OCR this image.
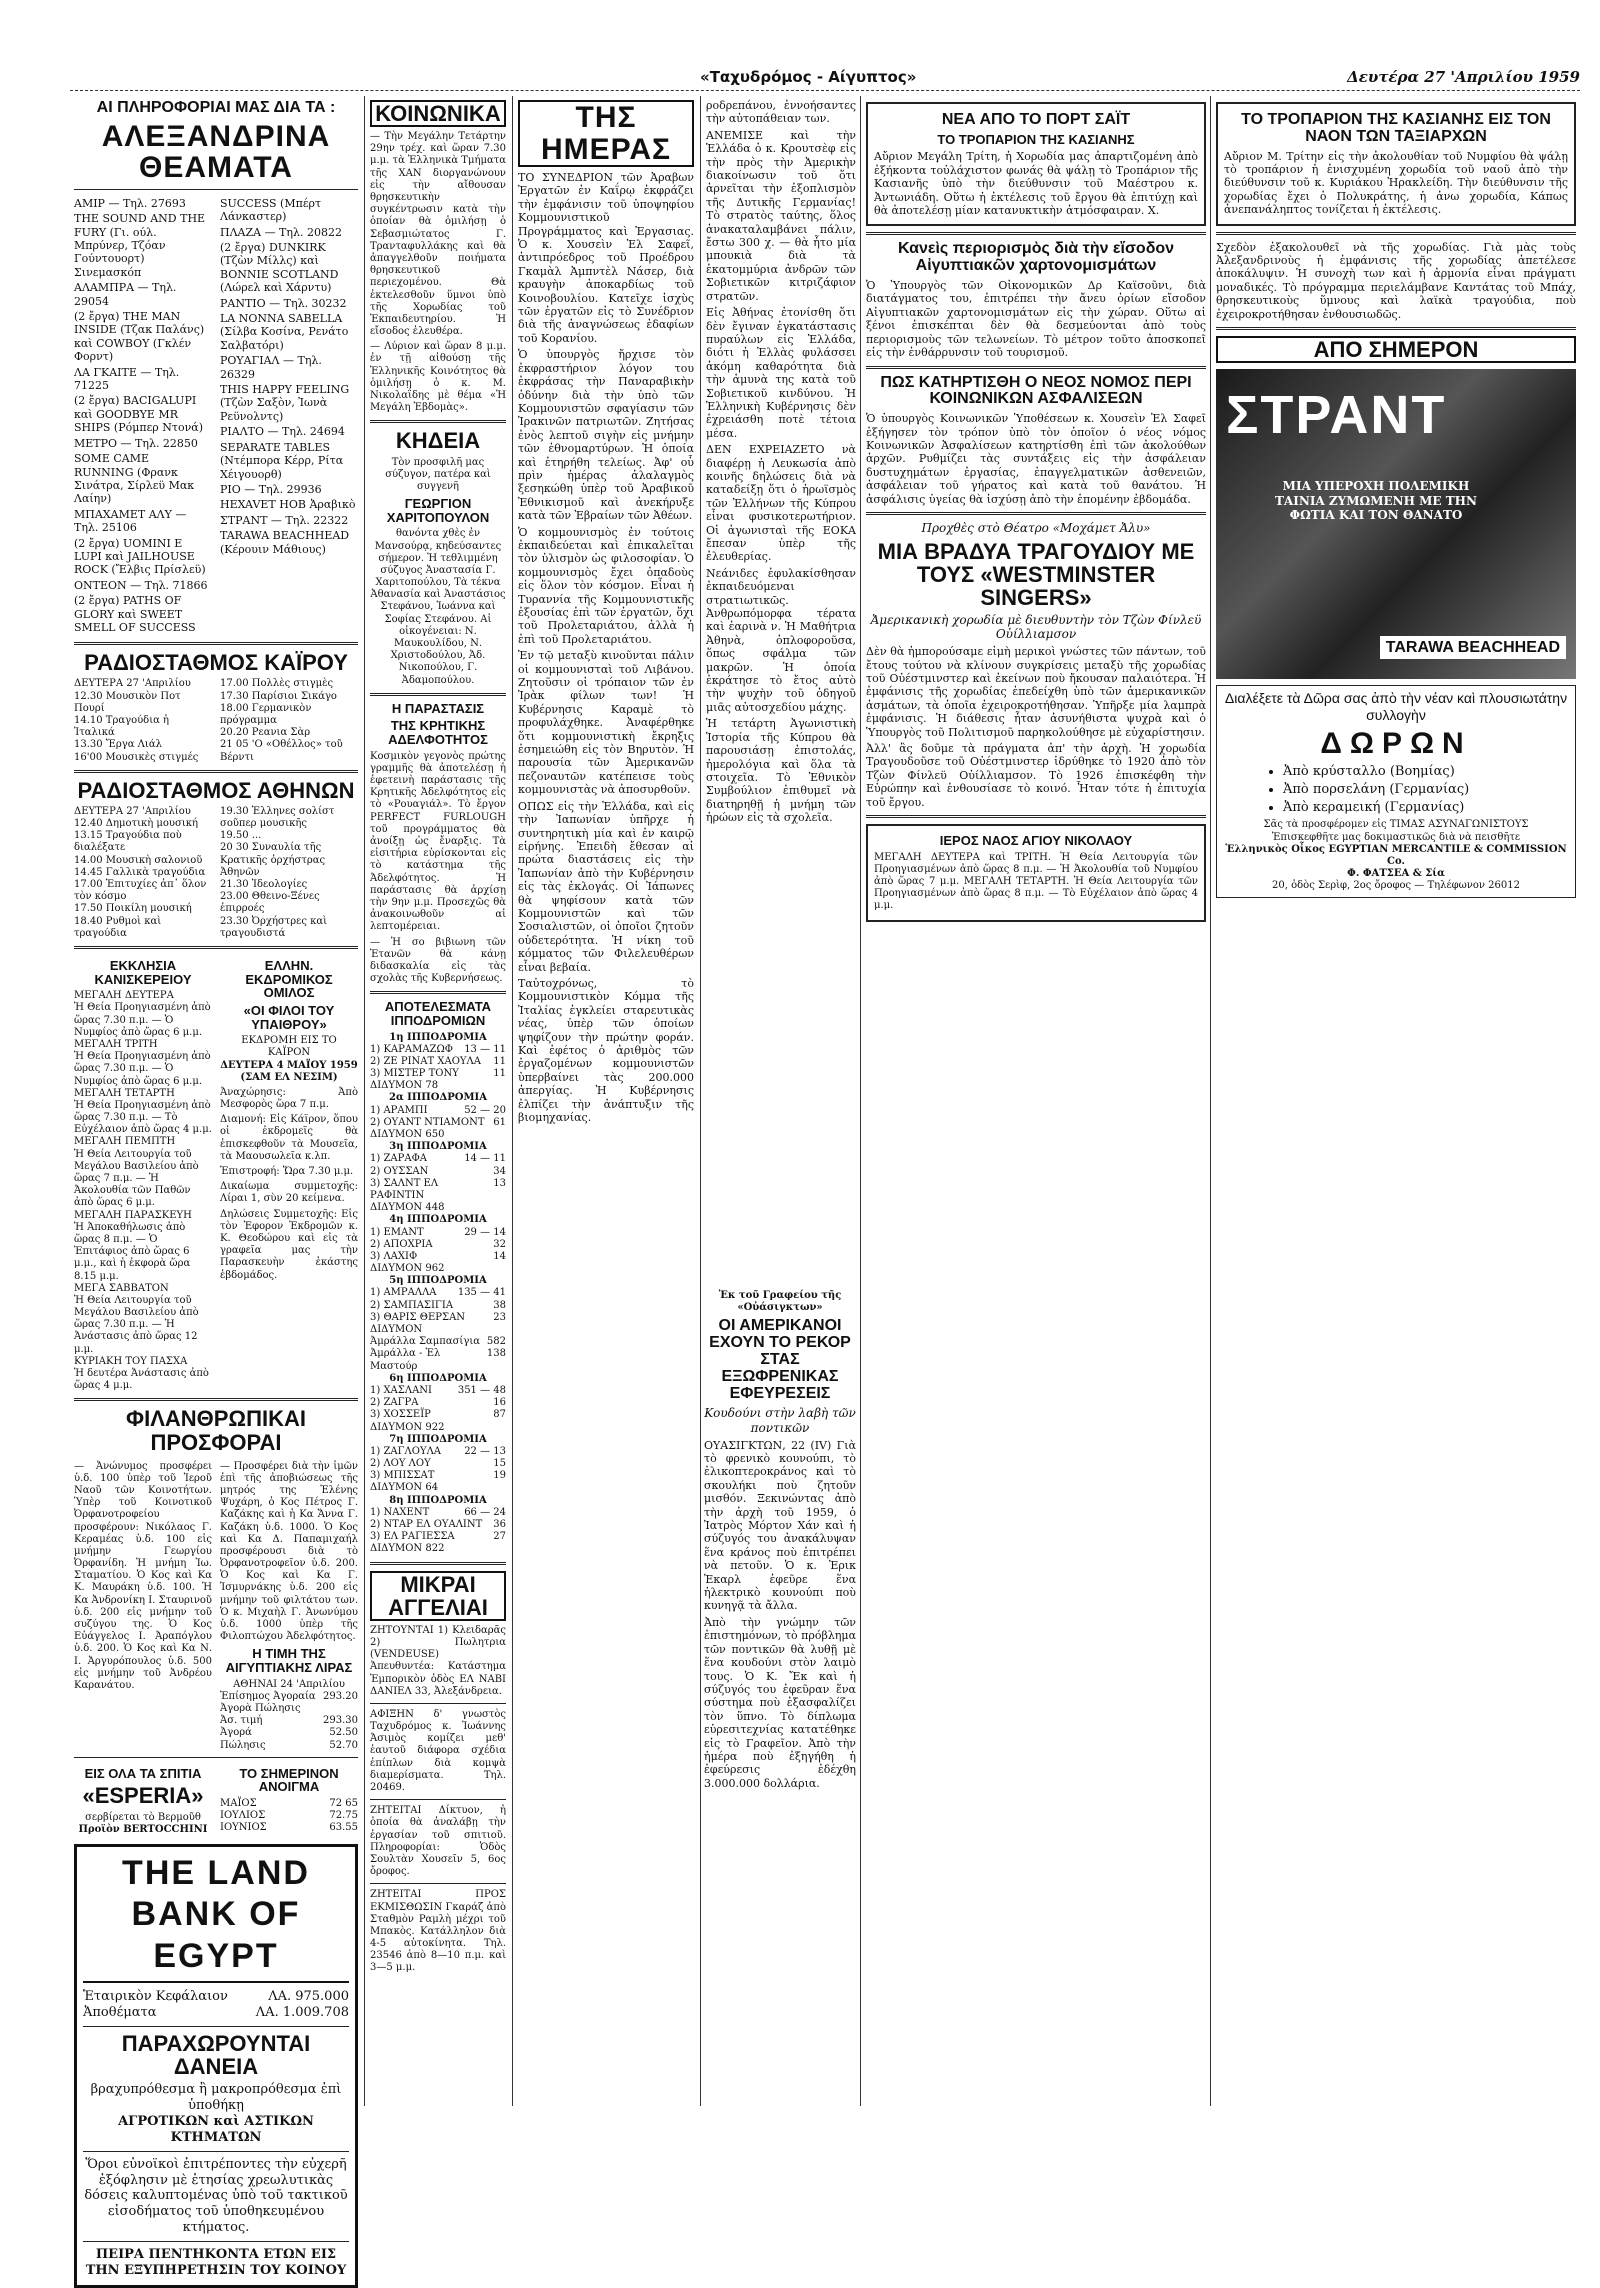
«Ταχυδρόμος - Αίγυπτος»	Δευτέρα 27 'Απριλίου 1959
ΑΙ ΠΛΗΡΟΦΟΡΙΑΙ ΜΑΣ ΔΙΑ ΤΑ :
ΑΛΕΞΑΝΔΡΙΝΑ ΘΕΑΜΑΤΑ
ΑΜΙΡ — Τηλ. 27693
THE SOUND AND THE FURY (Γι. ούλ. Μπρύνερ, Τζόαν Γούντουορτ) Σινεμασκόπ
ΑΛΑΜΠΡΑ — Τηλ. 29054
(2 ἔργα) THE MAN INSIDE (Τζακ Παλάνς) καὶ COWBOY (Γκλέν Φορντ)
ΛΑ ΓΚΑΙΤΕ — Τηλ. 71225
(2 ἔργα) BACIGALUPI καὶ GOODBYE MR SHIPS (Ρόμπερ Ντονά)
ΜΕΤΡΟ — Τηλ. 22850
SOME CAME RUNNING (Φρανκ Σινάτρα, Σίρλεϋ Μακ Λαίην)
ΜΠΑΧΑΜΕΤ ΑΛΥ — Τηλ. 25106
(2 ἔργα) UOMINI E LUPI καὶ JAILHOUSE ROCK (Ἔλβις Πρίσλεϋ)
ΟΝΤΕΟΝ — Τηλ. 71866
(2 ἔργα) PATHS OF GLORY καὶ SWEET SMELL OF SUCCESS
SUCCESS (Μπέρτ Λάνκαστερ)
ΠΛΑΖΑ — Τηλ. 20822
(2 ἔργα) DUNKIRK (Τζὼν Μίλλς) καὶ BONNIE SCOTLAND (Λώρελ καὶ Χάρντυ)
ΡΑΝΤΙΟ — Τηλ. 30232
LA NONNA SABELLA (Σίλβα Κοσίνα, Ρενάτο Σαλβατόρι)
ΡΟΥΑΓΙΑΛ — Τηλ. 26329
THIS HAPPY FEELING (Τζὼν Σαξὸν, Ἰωνὰ Ρεϋνολντς)
ΡΙΑΛΤΟ — Τηλ. 24694
SEPARATE TABLES (Ντέμπορα Κέρρ, Ρίτα Χέιγουορθ)
ΡΙΟ — Τηλ. 29936
HEXAVET HOB Ἀραβικὸ
ΣΤΡΑΝΤ — Τηλ. 22322
TARAWA BEACHHEAD (Κέρουιν Μάθιους)
ΡΑΔΙΟΣΤΑΘΜΟΣ ΚΑΪΡΟΥ
ΔΕΥΤΕΡΑ 27 'Απριλίου
12.30 Μουσικὸν Ποτ Πουρί
14.10 Τραγούδια ἡ Ἰταλικά
13.30 Ἔργα Λιάλ
16'00 Μουσικὲς στιγμές
17.00 Πολλὲς στιγμὲς
17.30 Παρίσιοι Σικάγο
18.00 Γερμανικὸν πρόγραμμα
20.20 Ρεανια Σὰρ
21 05 'Ο «Οθέλλος» τοῦ Βέρντι
ΡΑΔΙΟΣΤΑΘΜΟΣ ΑΘΗΝΩΝ
ΔΕΥΤΕΡΑ 27 'Απριλίου
12.40 Δημοτικὴ μουσική
13.15 Τραγούδια ποὺ διαλέξατε
14.00 Μουσικὴ σαλονιοῦ
14.45 Γαλλικὰ τραγούδια
17.00 Ἐπιτυχίες ἀπ᾿ ὅλον τὸν κόσμο
17.50 Ποικίλη μουσική
18.40 Ρυθμοὶ καὶ τραγούδια
19.30 Ἑλληνες σολίστ σοῦπερ μουσικῆς
19.50 ...
20 30 Συναυλία τῆς Κρατικῆς ὀρχήστρας Ἀθηνῶν
21.30 Ἰδεολογίες
23.00 Θθεινο-Ξένες ἐπιρροές
23.30 Ὀρχήστρες καὶ τραγουδιστά
ΕΚΚΛΗΣΙΑ ΚΑΝΙΣΚΕΡΕΙΟΥ
ΜΕΓΑΛΗ ΔΕΥΤΕΡΑ
Ἡ Θεία Προηγιασμένη ἀπὸ ὥρας 7.30 π.μ. — Ὁ Νυμφίος ἀπὸ ὥρας 6 μ.μ.
ΜΕΓΑΛΗ ΤΡΙΤΗ
Ἡ Θεία Προηγιασμένη ἀπὸ ὥρας 7.30 π.μ. — Ὁ Νυμφίος ἀπὸ ὥρας 6 μ.μ.
ΜΕΓΑΛΗ ΤΕΤΑΡΤΗ
Ἡ Θεία Προηγιασμένη ἀπὸ ὥρας 7.30 π.μ. — Τὸ Εὐχέλαιον ἀπὸ ὥρας 4 μ.μ.
ΜΕΓΑΛΗ ΠΕΜΠΤΗ
Ἡ Θεία Λειτουργία τοῦ Μεγάλου Βασιλείου ἀπὸ ὥρας 7 π.μ. — Ἡ Ἀκολουθία τῶν Παθῶν ἀπὸ ὥρας 6 μ.μ.
ΜΕΓΑΛΗ ΠΑΡΑΣΚΕΥΗ
Ἡ Ἀποκαθήλωσις ἀπὸ ὥρας 8 π.μ. — Ὁ Ἐπιτάφιος ἀπὸ ὥρας 6 μ.μ., καὶ ἡ ἐκφορὰ ὥρα 8.15 μ.μ.
ΜΕΓΑ ΣΑΒΒΑΤΟΝ
Ἡ Θεία Λειτουργία τοῦ Μεγάλου Βασιλείου ἀπὸ ὥρας 7.30 π.μ. — Ἡ Ἀνάστασις ἀπὸ ὥρας 12 μ.μ.
ΚΥΡΙΑΚΗ ΤΟΥ ΠΑΣΧΑ
Ἡ δευτέρα Ἀνάστασις ἀπὸ ὥρας 4 μ.μ.
ΕΛΛΗΝ. ΕΚΔΡΟΜΙΚΟΣ ΟΜΙΛΟΣ
«ΟΙ ΦΙΛΟΙ ΤΟΥ ΥΠΑΙΘΡΟΥ»
ΕΚΔΡΟΜΗ ΕΙΣ ΤΟ ΚΑΪΡΟΝ
ΔΕΥΤΕΡΑ 4 ΜΑΪΟΥ 1959 (ΣΑΜ ΕΛ ΝΕΣΙΜ)
Ἀναχώρησις: Ἀπὸ Μεσφορὸς ὥρα 7 π.μ.
Διαμονή: Εἰς Κάϊρον, ὅπου οἱ ἐκδρομεῖς θὰ ἐπισκεφθοῦν τὰ Μουσεῖα, τὰ Μαουσωλεῖα κ.λπ.
Ἐπιστροφή: Ὥρα 7.30 μ.μ.
Δικαίωμα συμμετοχῆς: Λίραι 1, σὺν 20 κείμενα.
Δηλώσεις Συμμετοχῆς: Εἰς τὸν Ἐφορον Ἐκδρομῶν κ. Κ. Θεοδώρου καὶ εἰς τὰ γραφεῖα μας τὴν Παρασκευὴν ἑκάστης ἑβδομάδος.
ΦΙΛΑΝΘΡΩΠΙΚΑΙ ΠΡΟΣΦΟΡΑΙ
— Ἀνώνυμος προσφέρει ὑ.δ. 100 ὑπὲρ τοῦ Ἱεροῦ Ναοῦ τῶν Κοινοτήτων. Ὑπὲρ τοῦ Κοινοτικοῦ Ὀρφανοτροφείου προσφέρουν: Νικόλαος Γ. Κεραμέας ὑ.δ. 100 εἰς μνήμην Γεωργίου Ὀρφανίδη. Ἡ μνήμη Ἰω. Σταματίου. Ὁ Κος καὶ Κα Κ. Μαυράκη ὑ.δ. 100. Ἡ Κα Ἀνδρονίκη Ι. Σταυρινοῦ ὑ.δ. 200 εἰς μνήμην τοῦ συζύγου της. Ὁ Κος Εὐάγγελος Ι. Ἀραπόγλου ὑ.δ. 200. Ὁ Κος καὶ Κα Ν. Ι. Ἀργυρόπουλος ὑ.δ. 500 εἰς μνήμην τοῦ Ἀνδρέου Καρανάτου.
— Προσφέρει διὰ τὴν ἱμῶν ἐπὶ τῆς ἀποβιώσεως τῆς μητρός της Ἑλένης Ψυχάρη, ὁ Κος Πέτρος Γ. Καζάκης καὶ ἡ Κα Ἄννα Γ. Καζάκη ὑ.δ. 1000. Ὁ Κος καὶ Κα Δ. Παπαμιχαήλ προσφέρουσι διὰ τὸ Ὀρφανοτροφεῖον ὑ.δ. 200. Ὁ Κος καὶ Κα Γ. Ἰσμυρνάκης ὑ.δ. 200 εἰς μνήμην τοῦ φιλτάτου των. Ὁ κ. Μιχαὴλ Γ. Ἀνωνύμου ὑ.δ. 1000 ὑπὲρ τῆς Φιλοπτώχου Ἀδελφότητος.
Η ΤΙΜΗ ΤΗΣ ΑΙΓΥΠΤΙΑΚΗΣ ΛΙΡΑΣ
ΑΘΗΝΑΙ 24 'Απριλίου
Ἐπίσημος Ἀγοραία 293.20
Ἀγορὰ Πώλησις
Ἀσ. τιμή	293.30
Ἀγορά	52.50
Πώλησις	52.70
ΕΙΣ ΟΛΑ ΤΑ ΣΠΙΤΙΑ
«ESPERIA»
σερβίρεται τὸ Βερμοῦθ
Προϊὸν BERTOCCHINI
ΤΟ ΣΗΜΕΡΙΝΟΝ ΑΝΟΙΓΜΑ
ΜΑΪΟΣ	72 65
ΙΟΥΛΙΟΣ	72.75
ΙΟΥΝΙΟΣ	63.55
THE LAND BANK OF EGYPT
Ἑταιρικὸν Κεφάλαιον	ΛΑ. 975.000
Ἀποθέματα	ΛΑ. 1.009.708
ΠΑΡΑΧΩΡΟΥΝΤΑΙ ΔΑΝΕΙΑ
βραχυπρόθεσμα ἢ μακροπρόθεσμα ἐπὶ ὑποθήκῃ
ΑΓΡΟΤΙΚΩΝ καὶ ΑΣΤΙΚΩΝ ΚΤΗΜΑΤΩΝ
Ὅροι εὐνοϊκοὶ ἐπιτρέποντες τὴν εὐχερῆ ἐξόφλησιν μὲ ἐτησίας χρεωλυτικὰς δόσεις καλυπτομένας ὑπὸ τοῦ τακτικοῦ εἰσοδήματος τοῦ ὑποθηκευμένου κτήματος.
ΠΕΙΡΑ ΠΕΝΤΗΚΟΝΤΑ ΕΤΩΝ ΕΙΣ ΤΗΝ ΕΞΥΠΗΡΕΤΗΣΙΝ ΤΟΥ ΚΟΙΝΟΥ
ΚΟΙΝΩΝΙΚΑ
— Τὴν Μεγάλην Τετάρτην 29ην τρέχ. καὶ ὥραν 7.30 μ.μ. τὰ Ἑλληνικὰ Τμήματα τῆς ΧΑΝ διοργανώνουν εἰς τὴν αἴθουσαν θρησκευτικὴν συγκέντρωσιν κατὰ τὴν ὁποίαν θὰ ὁμιλήσῃ ὁ Σεβασμιώτατος Γ. Τρανταφυλλάκης καὶ θὰ ἀπαγγελθοῦν ποιήματα θρησκευτικοῦ περιεχομένου. Θὰ ἐκτελεσθοῦν ὕμνοι ὑπὸ τῆς Χορωδίας τοῦ Ἐκπαιδευτηρίου. Ἡ εἴσοδος ἐλευθέρα.
— Λύριον καὶ ὥραν 8 μ.μ. ἐν τῇ αἰθούσῃ τῆς Ἑλληνικῆς Κοινότητος θὰ ὁμιλήσῃ ὁ κ. Μ. Νικολαΐδης μὲ θέμα «Ἡ Μεγάλη Ἑβδομὰς».
ΚΗΔΕΙΑ
Τὸν προσφιλῆ μας σύζυγον, πατέρα καὶ συγγενῆ
ΓΕΩΡΓΙΟΝ ΧΑΡΙΤΟΠΟΥΛΟΝ
θανόντα χθὲς ἐν Μανσούρᾳ, κηδεύσαντες σήμερον. Ἡ τεθλιμμένη σύζυγος Ἀναστασία Γ. Χαριτοπούλου, Τὰ τέκνα Ἀθανασία καὶ Ἀναστάσιος Στεφάνου, Ἰωάννα καὶ Σοφίας Στεφάνου. Αἱ οἰκογένειαι: Ν. Μαυκουλίδου, Ν. Χριστοδούλου, Ἀδ. Νικοπούλου, Γ. Ἀδαμοπούλου.
Η ΠΑΡΑΣΤΑΣΙΣ
ΤΗΣ ΚΡΗΤΙΚΗΣ ΑΔΕΛΦΟΤΗΤΟΣ
Κοσμικὸν γεγονὸς πρώτης γραμμῆς θὰ ἀποτελέσῃ ἡ ἐφετεινὴ παράστασις τῆς Κρητικῆς Ἀδελφότητος εἰς τὸ «Ρουαγιάλ». Τὸ ἔργον PERFECT FURLOUGH τοῦ προγράμματος θὰ ἀνοίξῃ ὡς ἔναρξις. Τὰ εἰσιτήρια εὑρίσκονται εἰς τὸ κατάστημα τῆς Ἀδελφότητος. Ἡ παράστασις θὰ ἀρχίσῃ τὴν 9ην μ.μ. Προσεχῶς θὰ ἀνακοινωθοῦν αἱ λεπτομέρειαι.
— Ἡ σο βιβιωνη τῶν Ἑτανῶν θὰ κάνῃ διδασκαλία εἰς τὰς σχολὰς τῆς Κυβερνήσεως.
ΑΠΟΤΕΛΕΣΜΑΤΑ ΙΠΠΟΔΡΟΜΙΩΝ
1η ΙΠΠΟΔΡΟΜΙΑ
1) ΚΑΡΑΜΑΖΩΦ 13 — 11
2) ΖΕ ΡΙΝΑΤ ΧΑΟΥΛΑ 11
3) ΜΙΣΤΕΡ ΤΟΝΥ	11
ΔΙΔΥΜΟΝ 78
2α ΙΠΠΟΔΡΟΜΙΑ
1) ΑΡΑΜΠΙ	52 — 20
2) ΟΥΑΝΤ ΝΤΙΑΜΟΝΤ 61
ΔΙΔΥΜΟΝ 650
3η ΙΠΠΟΔΡΟΜΙΑ
1) ΖΑΡΑΦΑ	14 — 11
2) ΟΥΣΣΑΝ	34
3) ΣΑΛΝΤ ΕΛ ΡΑΦΙΝΤΙΝ
13
ΔΙΔΥΜΟΝ 448
4η ΙΠΠΟΔΡΟΜΙΑ
1) ΕΜΑΝΤ	29 — 14
2) ΑΠΟΧΡΙΑ	32
3) ΛΑΧΙΦ	14
ΔΙΔΥΜΟΝ 962
5η ΙΠΠΟΔΡΟΜΙΑ
1) ΑΜΡΑΛΛΑ 135 — 41
2) ΣΑΜΠΑΣΙΓΙΑ	38
3) ΘΑΡΙΣ ΘΕΡΣΑΝ	23
ΔΙΔΥΜΟΝ
Ἀμράλλα Σαμπασίγια 582
Ἀμράλλα - Ἐλ Μαστούρ
138
6η ΙΠΠΟΔΡΟΜΙΑ
1) ΧΑΣΛΑΝΙ	351 — 48
2) ΖΑΓΡΑ	16
3) ΧΟΣΣΕΪΡ	87
ΔΙΔΥΜΟΝ 922
7η ΙΠΠΟΔΡΟΜΙΑ
1) ΖΑΓΛΟΥΛΑ 22 — 13
2) ΛΟΥ ΛΟΥ	15
3) ΜΠΙΣΣΑΤ	19
ΔΙΔΥΜΟΝ 64
8η ΙΠΠΟΔΡΟΜΙΑ
1) ΝΑΧΕΝΤ	66 — 24
2) ΝΤΑΡ ΕΛ ΟΥΑΛΙΝΤ 36
3) ΕΛ ΡΑΓΙΕΣΣΑ	27
ΔΙΔΥΜΟΝ 822
ΜΙΚΡΑΙ ΑΓΓΕΛΙΑΙ
ΖΗΤΟΥΝΤΑΙ 1) Κλειδαρᾶς 2) Πωλητρια (VENDEUSE) Ἀπευθυντέα: Κατάστημα Ἐμπορικὸν ὁδὸς ΕΛ ΝΑΒΙ ΔΑΝΙΕΛ 33, Ἀλεξάνδρεια.
ΑΦΙΞΗΝ δ' γνωστὸς Ταχυδρόμος κ. Ἰωάννης Ἀσιμὸς κομίζει μεθ' ἑαυτοῦ διάφορα σχέδια ἐπίπλων διὰ κομψὰ διαμερίσματα. Τηλ. 20469.
ΖΗΤΕΙΤΑΙ Δίκτυον, ἡ ὁποία θὰ ἀναλάβῃ τὴν ἐργασίαν τοῦ σπιτιοῦ. Πληροφορίαι: Ὁδὸς Σουλτὰν Χουσεῖν 5, 6ος ὄροφος.
ΖΗΤΕΙΤΑΙ ΠΡΟΣ ΕΚΜΙΣΘΩΣΙΝ Γκαράζ ἀπὸ Σταθμὸν Ραμλὴ μέχρι τοῦ Μπακὸς. Κατάλληλον διὰ 4-5 αὐτοκίνητα. Τηλ. 23546 ἀπὸ 8—10 π.μ. καὶ 3—5 μ.μ.
ΤΗΣ ΗΜΕΡΑΣ
ΤΟ ΣΥΝΕΔΡΙΟΝ τῶν Ἀραβων Ἐργατῶν ἐν Καΐρῳ ἐκφράζει τὴν ἐμφάνισιν τοῦ ὑποψηφίου Κομμουνιστικοῦ Προγράμματος καὶ Ἐργασιας. Ὁ κ. Χουσεὶν Ἐλ Σαφεῖ, ἀντιπρόεδρος τοῦ Προέδρου Γκαμὰλ Ἀμπντὲλ Νάσερ, διὰ κραυγὴν ἀποκαρδίως τοῦ Κοινοβουλίου. Κατεῖχε ἰσχὺς τῶν ἐργατῶν εἰς τὸ Συνέδριον διὰ τῆς ἀναγνώσεως ἐδαφίων τοῦ Κορανίου.
Ὁ ὑπουργὸς ἤρχισε τὸν ἐκφραστήριον λόγον του ἐκφράσας τὴν Παναραβικὴν ὁδύνην διὰ τὴν ὑπὸ τῶν Κομμουνιστῶν σφαγίασιν τῶν Ἰρακινῶν πατριωτῶν. Ζητήσας ἐνὸς λεπτοῦ σιγὴν εἰς μνήμην τῶν ἐθνομαρτύρων. Ἡ ὁποία καὶ ἐτηρήθη τελείως. Ἀφ' οὗ πρὶν ἡμέρας ἀλαλαγμὸς ξεσηκώθη ὑπὲρ τοῦ Ἀραβικοῦ Ἐθνικισμοῦ καὶ ἀνεκήρυξε κατὰ τῶν Ἐβραίων τῶν Ἀθέων.
Ὁ κομμουνισμὸς ἐν τούτοις ἐκπαιδεύεται καὶ ἐπικαλεῖται τὸν ὑλισμὸν ὡς φιλοσοφίαν. Ὁ κομμουνισμὸς ἔχει ὀπαδοὺς εἰς ὅλον τὸν κόσμον. Εἶναι ἡ Τυραννία τῆς Κομμουνιστικῆς ἐξουσίας ἐπὶ τῶν ἐργατῶν, ὅχι τοῦ Προλεταριάτου, ἀλλὰ ἡ ἐπὶ τοῦ Προλεταριάτου.
Ἐν τῷ μεταξὺ κινοῦνται πάλιν οἱ κομμουνισταὶ τοῦ Λιβάνου. Ζητοῦσιν οἱ τρόπαιον τῶν ἐν Ἰρὰκ φίλων των! Ἡ Κυβέρνησις Καραμὲ τὸ προφυλάχθηκε. Ἀναφέρθηκε ὅτι κομμουνιστικὴ ἔκρηξις ἐσημειώθη εἰς τὸν Βηρυτὸν. Ἡ παρουσία τῶν Ἀμερικανῶν πεζοναυτῶν κατέπεισε τοὺς κομμουνιστὰς νὰ ἀποσυρθοῦν.
ΟΠΩΣ εἰς τὴν Ἑλλάδα, καὶ εἰς τὴν Ἰαπωνίαν ὑπῆρχε ἡ συντηρητικὴ μία καὶ ἐν καιρῷ εἰρήνης. Ἐπειδὴ ἔθεσαν αἱ πρώτα διαστάσεις εἰς τὴν Ἰαπωνίαν ἀπὸ τὴν Κυβέρνησιν εἰς τὰς ἐκλογάς. Οἱ Ἰάπωνες θὰ ψηφίσουν κατὰ τῶν Κομμουνιστῶν καὶ τῶν Σοσιαλιστῶν, οἱ ὁποῖοι ζητοῦν οὐδετερότητα. Ἡ νίκη τοῦ κόμματος τῶν Φιλελευθέρων εἶναι βεβαία.
Ταὐτοχρόνως, τὸ Κομμουνιστικὸν Κόμμα τῆς Ἰταλίας ἐγκλείει σταρευτικὰς νέας, ὑπὲρ τῶν ὁποίων ψηφίζουν τὴν πρώτην φοράν. Καὶ ἐφέτος ὁ ἀριθμὸς τῶν ἐργαζομένων κομμουνιστῶν ὑπερβαίνει τὰς 200.000 ἀπεργίας. Ἡ Κυβέρνησις ἐλπίζει τὴν ἀνάπτυξιν τῆς βιομηχανίας.
ροδρεπάνου, ἐννοήσαντες τὴν αὐτοπάθειαν των.
ΑΝΕΜΙΣΕ καὶ τὴν Ἑλλάδα ὁ κ. Κρουτσὲφ εἰς τὴν πρὸς τὴν Ἀμερικὴν διακοίνωσιν τοῦ ὅτι ἀρνεῖται τὴν ἐξοπλισμὸν τῆς Δυτικῆς Γερμανίας! Τὸ στρατὸς ταύτης, ὅλος ἀνακαταλαμβάνει πάλιν, ἔστω 300 χ. — θὰ ἦτο μία μπουκιὰ διὰ τὰ ἑκατομμύρια ἀνδρῶν τῶν Σοβιετικῶν κιτριζάφιον στρατῶν.
Εἰς Ἀθήνας ἐτονίσθη ὅτι δὲν ἔγιναν ἐγκατάστασις πυραύλων εἰς Ἑλλάδα, διότι ἡ Ἑλλὰς φυλάσσει ἀκόμη καθαρότητα διὰ τὴν ἀμυνὰ της κατὰ τοῦ Σοβιετικοῦ κινδύνου. Ἡ Ἑλληνικὴ Κυβέρνησις δὲν ἐχρειάσθη ποτὲ τέτοια μέσα.
ΔΕΝ ΕΧΡΕΙΑΖΕΤΟ νὰ διαφέρῃ ἡ Λευκωσία ἀπὸ κοινῆς δηλώσεις διὰ νὰ καταδείξῃ ὅτι ὁ ἡρωϊσμὸς τῶν Ἑλλήνων τῆς Κύπρου εἶναι φυσικοτερωτήριον. Οἱ ἀγωνισταὶ τῆς ΕΟΚΑ ἔπεσαν ὑπὲρ τῆς ἐλευθερίας.
Νεάνιδες ἐφυλακίσθησαν ἐκπαιδευόμεναι στρατιωτικῶς. Ἀνθρωπόμορφα τέρατα καὶ ἐαρινὰ ν. Ἡ Μαθήτρια Ἀθηνὰ, ὁπλοφοροῦσα, ὅπως σφάλμα τῶν μακρῶν. Ἡ ὁποία ἐκράτησε τὸ ἔτος αὐτὸ τὴν ψυχὴν τοῦ ὁδηγοῦ μιᾶς αὐτοσχεδίου μάχης.
Ἡ τετάρτη Ἀγωνιστικὴ Ἱστορία τῆς Κύπρου θὰ παρουσιάσῃ ἐπιστολάς, ἡμερολόγια καὶ ὅλα τὰ στοιχεῖα. Τὸ Ἐθνικὸν Συμβούλιον ἐπιθυμεῖ νὰ διατηρηθῇ ἡ μνήμη τῶν ἡρώων εἰς τὰ σχολεῖα.
Ἐκ τοῦ Γραφείου τῆς «Οὐάσιγκτων»
ΟΙ ΑΜΕΡΙΚΑΝΟΙ ΕΧΟΥΝ ΤΟ ΡΕΚΟΡ ΣΤΑΣ ΕΞΩΦΡΕΝΙΚΑΣ ΕΦΕΥΡΕΣΕΙΣ
Κουδούνι στὴν λαβὴ τῶν ποντικῶν
ΟΥΑΣΙΓΚΤΩΝ, 22 (ΙV) Γιὰ τὸ φρενικὸ κουνούπι, τὸ ἐλικοπτεροκράνος καὶ τὸ σκουλήκι ποὺ ζητοῦν μισθόν. Ξεκινώντας ἀπὸ τὴν ἀρχὴ τοῦ 1959, ὁ Ἰατρὸς Μόρτον Χάν καὶ ἡ σύζυγός του ἀνακάλυψαν ἕνα κράνος ποὺ ἐπιτρέπει νὰ πετοῦν. Ὁ κ. Ἐρικ Ἐκαρλ ἐφεῦρε ἕνα ἠλεκτρικὸ κουνούπι ποὺ κυνηγᾷ τὰ ἄλλα.
Ἀπὸ τὴν γνώμην τῶν ἐπιστημόνων, τὸ πρόβλημα τῶν ποντικῶν θὰ λυθῇ μὲ ἕνα κουδούνι στὸν λαιμὸ τους. Ὁ Κ. Ἔκ καὶ ἡ σύζυγός του ἐφεῦραν ἕνα σύστημα ποὺ ἐξασφαλίζει τὸν ὕπνο. Τὸ δίπλωμα εὑρεσιτεχνίας κατατέθηκε εἰς τὸ Γραφεῖον. Ἀπὸ τὴν ἡμέρα ποὺ ἐξηγήθη ἡ ἐφεύρεσις ἐδέχθη 3.000.000 δολλάρια.
ΝΕΑ ΑΠΟ ΤΟ ΠΟΡΤ ΣΑΪΤ
ΤΟ ΤΡΟΠΑΡΙΟΝ ΤΗΣ ΚΑΣΙΑΝΗΣ
Αὔριον Μεγάλη Τρίτη, ἡ Χορωδία μας ἀπαρτιζομένη ἀπὸ ἐξήκοντα τοὐλάχιστον φωνάς θὰ ψάλῃ τὸ Τροπάριον τῆς Κασιανῆς ὑπὸ τὴν διεύθυνσιν τοῦ Μαέστρου κ. Ἀντωνιάδη. Οὕτω ἡ ἐκτέλεσις τοῦ ἔργου θὰ ἐπιτύχῃ καὶ θὰ ἀποτελέσῃ μίαν κατανυκτικὴν ἀτμόσφαιραν. Χ.
Κανεὶς περιορισμὸς διὰ τὴν εἴσοδον Αἰγυπτιακῶν χαρτονομισμάτων
Ὁ Ὑπουργὸς τῶν Οἰκονομικῶν Δρ Καϊσοῦνι, διὰ διατάγματος του, ἐπιτρέπει τὴν ἄνευ ὁρίων εἴσοδον Αἰγυπτιακῶν χαρτονομισμάτων εἰς τὴν χώραν. Οὕτω αἱ ξένοι ἐπισκέπται δὲν θὰ δεσμεύονται ἀπὸ τοὺς περιορισμοὺς τῶν τελωνείων. Τὸ μέτρον τοῦτο ἀποσκοπεῖ εἰς τὴν ἐνθάρρυνσιν τοῦ τουρισμοῦ.
ΠΩΣ ΚΑΤΗΡΤΙΣΘΗ Ο ΝΕΟΣ ΝΟΜΟΣ ΠΕΡΙ ΚΟΙΝΩΝΙΚΩΝ ΑΣΦΑΛΙΣΕΩΝ
Ὁ ὑπουργὸς Κοινωνικῶν Ὑποθέσεων κ. Χουσεὶν Ἐλ Σαφεῖ ἐξήγησεν τὸν τρόπον ὑπὸ τὸν ὁποῖον ὁ νέος νόμος Κοινωνικῶν Ἀσφαλίσεων κατηρτίσθη ἐπὶ τῶν ἀκολούθων ἀρχῶν. Ρυθμίζει τὰς συντάξεις εἰς τὴν ἀσφάλειαν δυστυχημάτων ἐργασίας, ἐπαγγελματικῶν ἀσθενειῶν, ἀσφάλειαν τοῦ γήρατος καὶ κατὰ τοῦ θανάτου. Ἡ ἀσφάλισις ὑγείας θὰ ἰσχύσῃ ἀπὸ τὴν ἑπομένην ἐβδομάδα.
Προχθὲς στὸ Θέατρο «Μοχάμετ Ἀλυ»
ΜΙΑ ΒΡΑΔΥΑ ΤΡΑΓΟΥΔΙΟΥ ΜΕ ΤΟΥΣ «WESTMINSTER SINGERS»
Ἀμερικανικὴ χορωδία μὲ διευθυντὴν τὸν Τζὼν Φίνλεϋ Οὐίλλιαμσον
Δὲν θὰ ἠμπορούσαμε εἰμὴ μερικοὶ γνώστες τῶν πάντων, τοῦ ἔτους τούτου νὰ κλίνουν συγκρίσεις μεταξὺ τῆς χορωδίας τοῦ Οὐέστμινστερ καὶ ἐκείνων ποὺ ἤκουσαν παλαιότερα. Ἡ ἐμφάνισις τῆς χορωδίας ἐπεδείχθη ὑπὸ τῶν ἀμερικανικῶν ἀσμάτων, τὰ ὁποῖα ἐχειροκροτήθησαν. Ὑπῆρξε μία λαμπρὰ ἐμφάνισις. Ἡ διάθεσις ἦταν ἀσυνήθιστα ψυχρὰ καὶ ὁ Ὑπουργὸς τοῦ Πολιτισμοῦ παρηκολούθησε μὲ εὐχαρίστησιν.
Ἀλλ' ἂς δοῦμε τὰ πράγματα ἀπ' τὴν ἀρχὴ. Ἡ χορωδία Τραγουδοῦσε τοῦ Οὐέστμινστερ ἱδρύθηκε τὸ 1920 ἀπὸ τὸν Τζὼν Φίνλεϋ Οὐίλλιαμσον. Τὸ 1926 ἐπισκέφθη τὴν Εὐρώπην καὶ ἐνθουσίασε τὸ κοινό. Ἦταν τότε ἡ ἐπιτυχία τοῦ ἔργου.
ΙΕΡΟΣ ΝΑΟΣ ΑΓΙΟΥ ΝΙΚΟΛΑΟΥ
ΜΕΓΑΛΗ ΔΕΥΤΕΡΑ καὶ ΤΡΙΤΗ. Ἡ Θεία Λειτουργία τῶν Προηγιασμένων ἀπὸ ὥρας 8 π.μ. — Ἡ Ἀκολουθία τοῦ Νυμφίου ἀπὸ ὥρας 7 μ.μ. ΜΕΓΑΛΗ ΤΕΤΑΡΤΗ. Ἡ Θεία Λειτουργία τῶν Προηγιασμένων ἀπὸ ὥρας 8 π.μ. — Τὸ Εὐχέλαιον ἀπὸ ὥρας 4 μ.μ.
ΤΟ ΤΡΟΠΑΡΙΟΝ ΤΗΣ ΚΑΣΙΑΝΗΣ ΕΙΣ ΤΟΝ ΝΑΟΝ ΤΩΝ ΤΑΞΙΑΡΧΩΝ
Αὔριον Μ. Τρίτην εἰς τὴν ἀκολουθίαν τοῦ Νυμφίου θὰ ψάλῃ τὸ τροπάριον ἡ ἐνισχυμένη χορωδία τοῦ ναοῦ ἀπὸ τὴν διεύθυνσιν τοῦ κ. Κυριάκου Ἠρακλείδη. Τὴν διεύθυνσιν τῆς χορωδίας ἔχει ὁ Πολυκράτης, ἡ ἀνω χορωδία, Κάπως ἀνεπανάληπτος τονίζεται ἡ ἐκτέλεσις.
Σχεδὸν ἐξακολουθεῖ νὰ τῆς χορωδίας. Γιὰ μὰς τοὺς Ἀλεξανδρινοὺς ἡ ἐμφάνισις τῆς χορωδίας ἀπετέλεσε ἀποκάλυψιν. Ἡ συνοχὴ των καὶ ἡ ἀρμονία εἶναι πράγματι μοναδικές. Τὸ πρόγραμμα περιελάμβανε Καντάτας τοῦ Μπάχ, θρησκευτικοὺς ὕμνους καὶ λαϊκὰ τραγούδια, ποὺ ἐχειροκροτήθησαν ἐνθουσιωδῶς.
ΑΠΟ ΣΗΜΕΡΟΝ
ΣΤΡΑΝΤ
ΜΙΑ ΥΠΕΡΟΧΗ ΠΟΛΕΜΙΚΗ ΤΑΙΝΙΑ ΖΥΜΩΜΕΝΗ ΜΕ ΤΗΝ ΦΩΤΙΑ ΚΑΙ ΤΟΝ ΘΑΝΑΤΟ
TARAWA BEACHHEAD
Διαλέξετε τὰ Δῶρα σας ἀπὸ τὴν νέαν καὶ πλουσιωτάτην συλλογὴν
ΔΩΡΩΝ
• Ἀπὸ κρύσταλλο (Βοημίας)
• Ἀπὸ πορσελάνη (Γερμανίας)
• Ἀπὸ κεραμεική (Γερμανίας)
Σᾶς τὰ προσφέρομεν εἰς ΤΙΜΑΣ ΑΣΥΝΑΓΩΝΙΣΤΟΥΣ
Ἐπισκεφθῆτε μας δοκιμαστικῶς διὰ νὰ πεισθῆτε
Ἑλληνικὸς Οἶκος EGYPTIAN MERCANTILE & COMMISSION Co.
Φ. ΦΑΤΣΕΑ & Σία
20, ὁδὸς Σερὶφ, 2ος ὄροφος — Τηλέφωνον 26012
